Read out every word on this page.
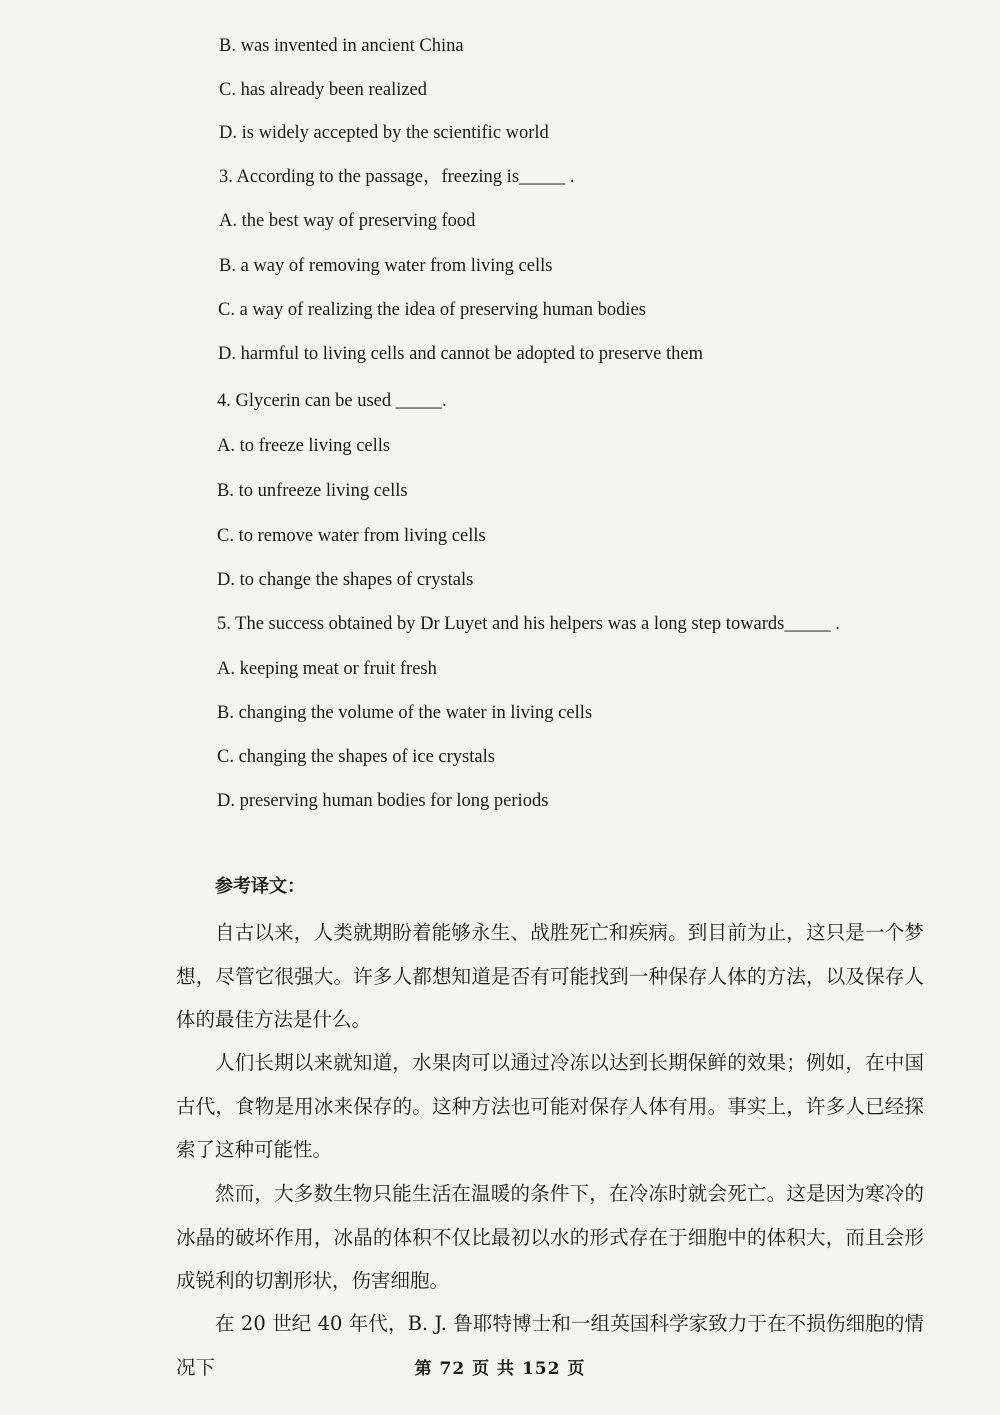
B. was invented in ancient China
C. has already been realized
D. is widely accepted by the scientific world
3. According to the passage，freezing is_____ .
A. the best way of preserving food
B. a way of removing water from living cells
C. a way of realizing the idea of preserving human bodies
D. harmful to living cells and cannot be adopted to preserve them
4. Glycerin can be used _____.
A. to freeze living cells
B. to unfreeze living cells
C. to remove water from living cells
D. to change the shapes of crystals
5. The success obtained by Dr Luyet and his helpers was a long step towards_____ .
A. keeping meat or fruit fresh
B. changing the volume of the water in living cells
C. changing the shapes of ice crystals
D. preserving human bodies for long periods
参考译文：

自古以来，人类就期盼着能够永生、战胜死亡和疾病。到目前为止，这只是一个梦想，尽管它很强大。许多人都想知道是否有可能找到一种保存人体的方法，以及保存人体的最佳方法是什么。

人们长期以来就知道，水果肉可以通过冷冻以达到长期保鲜的效果；例如，在中国古代，食物是用冰来保存的。这种方法也可能对保存人体有用。事实上，许多人已经探索了这种可能性。

然而，大多数生物只能生活在温暖的条件下，在冷冻时就会死亡。这是因为寒冷的冰晶的破坏作用，冰晶的体积不仅比最初以水的形式存在于细胞中的体积大，而且会形成锐利的切割形状，伤害细胞。

在 20 世纪 40 年代，B. J. 鲁耶特博士和一组英国科学家致力于在不损伤细胞的情况下	第 72 页 共 152 页
